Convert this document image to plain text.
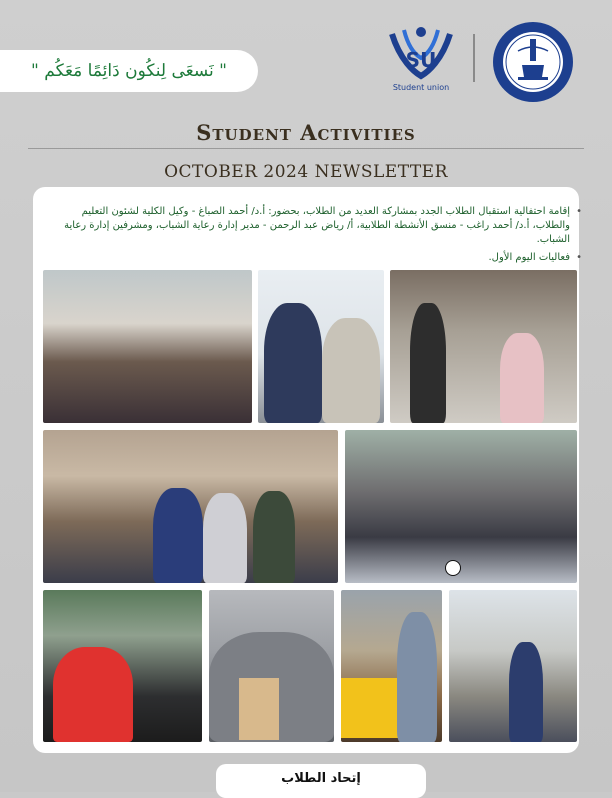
" نَسعَى لِنكُون دَائِمًا مَعَكُم "	SU
Student union
Student Activities
OCTOBER 2024 NEWSLETTER
• إقامة احتفالية استقبال الطلاب الجدد بمشاركة العديد من الطلاب، بحضور: أ.د/ أحمد الصباغ - وكيل الكلية لشئون التعليم والطلاب، أ.د/ أحمد راغب - منسق الأنشطة الطلابية، أ/ رياض عبد الرحمن - مدير إدارة رعاية الشباب، ومشرفين إدارة رعاية الشباب.
• فعاليات اليوم الأول.
إتحاد الطلاب
